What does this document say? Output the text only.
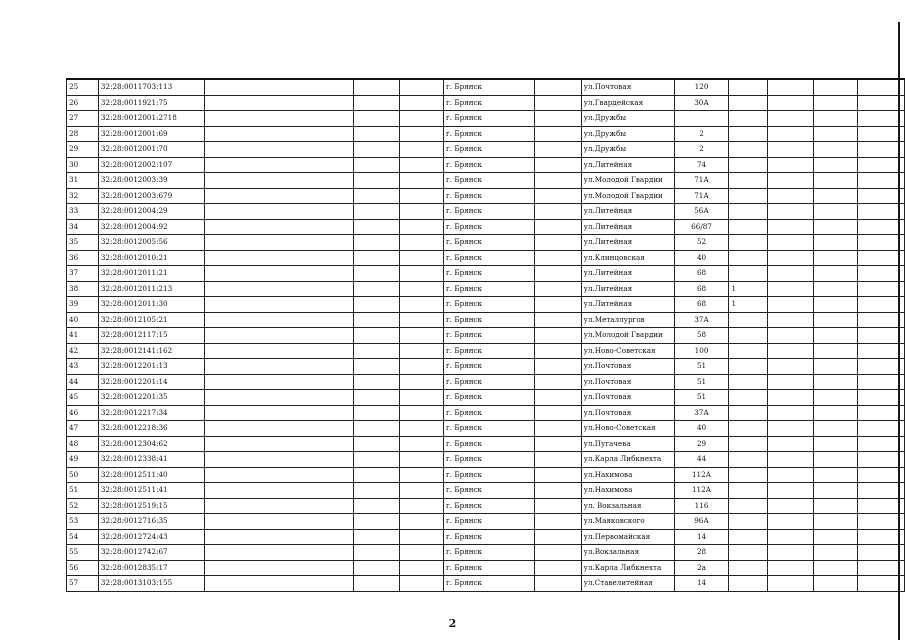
25	32:28:0011703:113				г. Брянск		ул.Почтовая	120				
26	32:28:0011921:75				г. Брянск		ул.Гвардейская	30А				
27	32:28:0012001:2718				г. Брянск		ул.Дружбы					
28	32:28:0012001:69				г. Брянск		ул.Дружбы	2				
29	32:28:0012001:70				г. Брянск		ул.Дружбы	2				
30	32:28:0012002:107				г. Брянск		ул.Литейная	74				
31	32:28:0012003:39				г. Брянск		ул.Молодой Гвардии	71А				
32	32:28:0012003:679				г. Брянск		ул.Молодой Гвардии	71А				
33	32:28:0012004:29				г. Брянск		ул.Литейная	56А				
34	32:28:0012004:92				г. Брянск		ул.Литейная	66/87				
35	32:28:0012005:56				г. Брянск		ул.Литейная	52				
36	32:28:0012010:21				г. Брянск		ул.Клинцовская	40				
37	32:28:0012011:21				г. Брянск		ул.Литейная	68				
38	32:28:0012011:213				г. Брянск		ул.Литейная	68	1			
39	32:28:0012011:30				г. Брянск		ул.Литейная	68	1			
40	32:28:0012105:21				г. Брянск		ул.Металлургов	37А				
41	32:28:0012117:15				г. Брянск		ул.Молодой Гвардии	58				
42	32:28:0012141:162				г. Брянск		ул.Ново-Советская	100				
43	32:28:0012201:13				г. Брянск		ул.Почтовая	51				
44	32:28:0012201:14				г. Брянск		ул.Почтовая	51				
45	32:28:0012201:35				г. Брянск		ул.Почтовая	51				
46	32:28:0012217:34				г. Брянск		ул.Почтовая	37А				
47	32:28:0012218:36				г. Брянск		ул.Ново-Советская	40				
48	32:28:0012304:62				г. Брянск		ул.Пугачева	29				
49	32:28:0012338:41				г. Брянск		ул.Карла Либкнехта	44				
50	32:28:0012511:40				г. Брянск		ул.Нахимова	112А				
51	32:28:0012511:41				г. Брянск		ул.Нахимова	112А				
52	32:28:0012519:15				г. Брянск		ул. Вокзальная	116				
53	32:28:0012716:35				г. Брянск		ул.Маяковского	96А				
54	32:28:0012724:43				г. Брянск		ул.Первомайская	14				
55	32:28:0012742:67				г. Брянск		ул.Вокзальная	28				
56	32:28:0012835:17				г. Брянск		ул.Карла Либкнехта	2а				
57	32:28:0013103:155				г. Брянск		ул.Ставелитейная	14				
2
